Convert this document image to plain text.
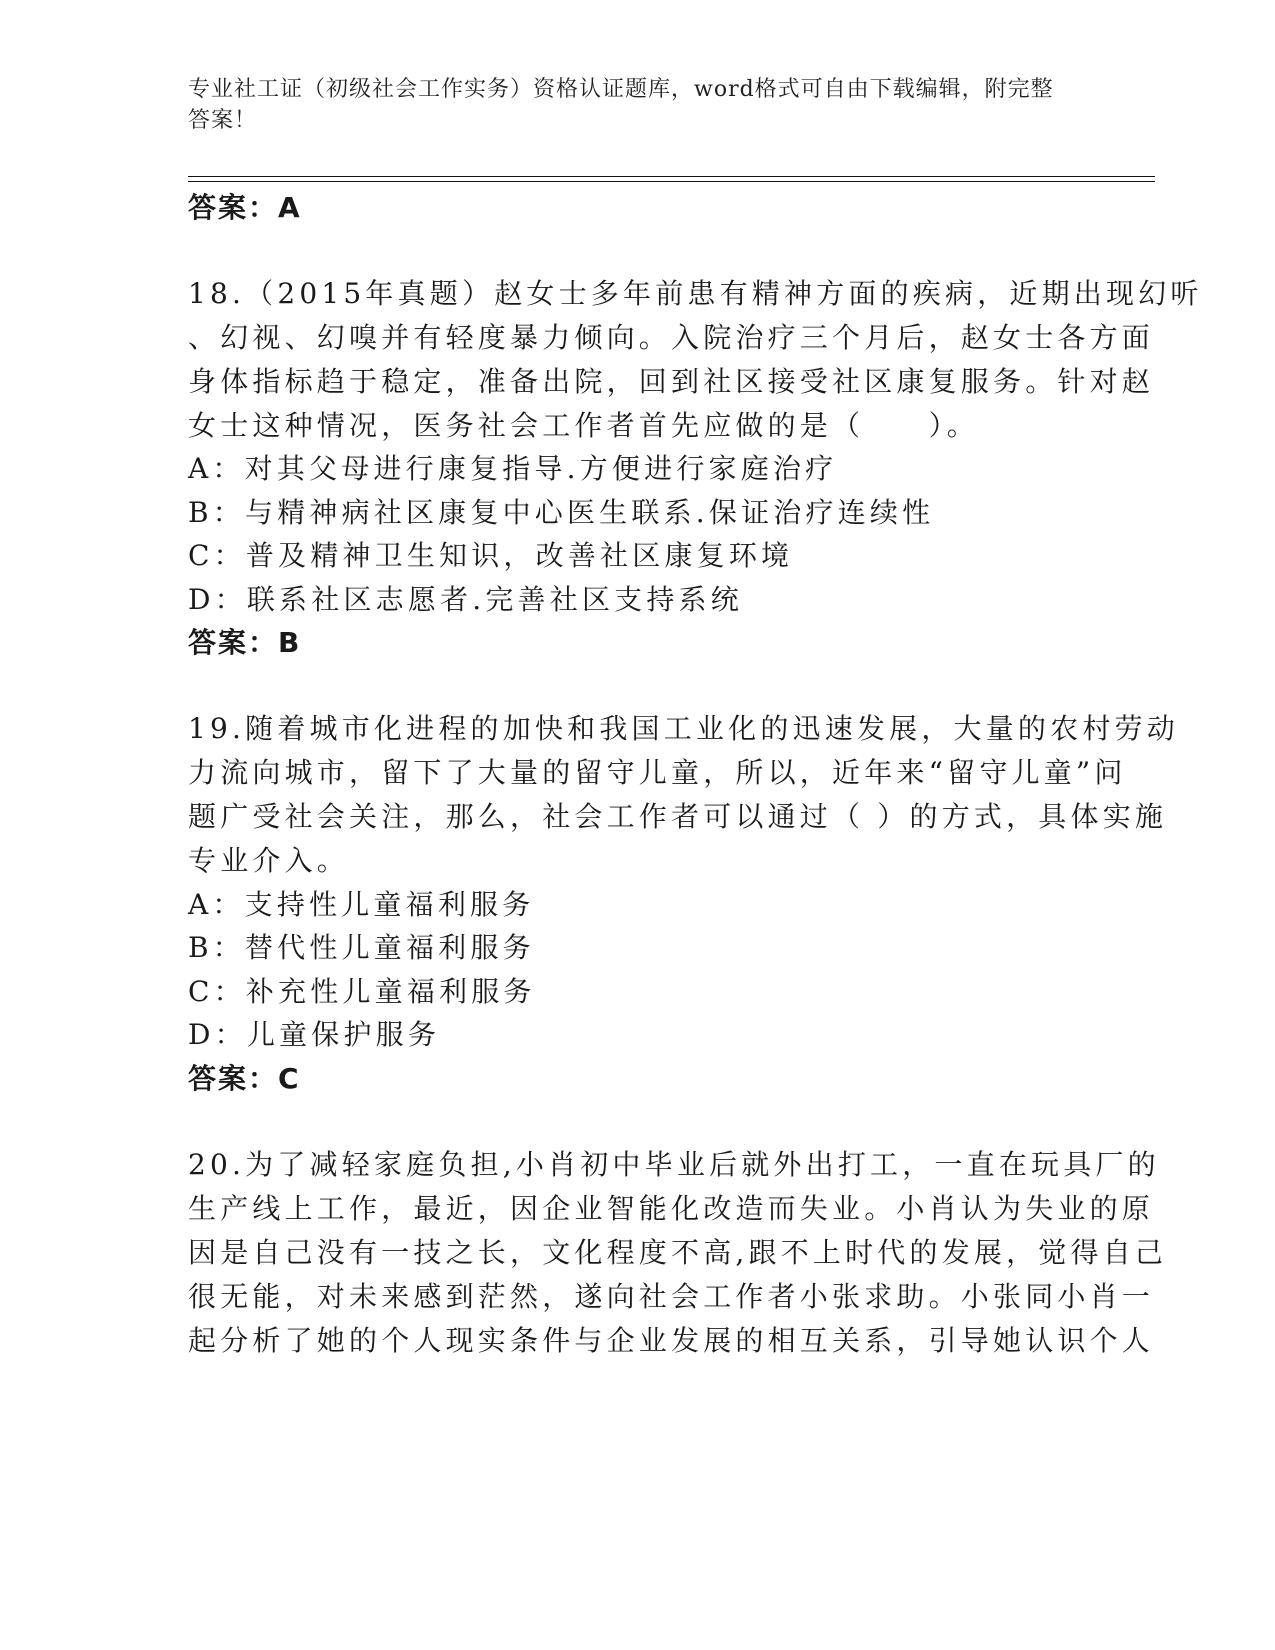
专业社工证（初级社会工作实务）资格认证题库，word格式可自由下载编辑，附完整答案！
答案：A
18.（2015年真题）赵女士多年前患有精神方面的疾病，近期出现幻听
、幻视、幻嗅并有轻度暴力倾向。入院治疗三个月后，赵女士各方面
身体指标趋于稳定，准备出院，回到社区接受社区康复服务。针对赵
女士这种情况，医务社会工作者首先应做的是（　　）。
A：对其父母进行康复指导.方便进行家庭治疗
B：与精神病社区康复中心医生联系.保证治疗连续性
C：普及精神卫生知识，改善社区康复环境
D：联系社区志愿者.完善社区支持系统
答案：B
19.随着城市化进程的加快和我国工业化的迅速发展，大量的农村劳动
力流向城市，留下了大量的留守儿童，所以，近年来“留守儿童”问
题广受社会关注，那么，社会工作者可以通过（ ）的方式，具体实施
专业介入。
A：支持性儿童福利服务
B：替代性儿童福利服务
C：补充性儿童福利服务
D：儿童保护服务
答案：C
20.为了减轻家庭负担,小肖初中毕业后就外出打工，一直在玩具厂的
生产线上工作，最近，因企业智能化改造而失业。小肖认为失业的原
因是自己没有一技之长，文化程度不高,跟不上时代的发展，觉得自己
很无能，对未来感到茫然，遂向社会工作者小张求助。小张同小肖一
起分析了她的个人现实条件与企业发展的相互关系，引导她认识个人
